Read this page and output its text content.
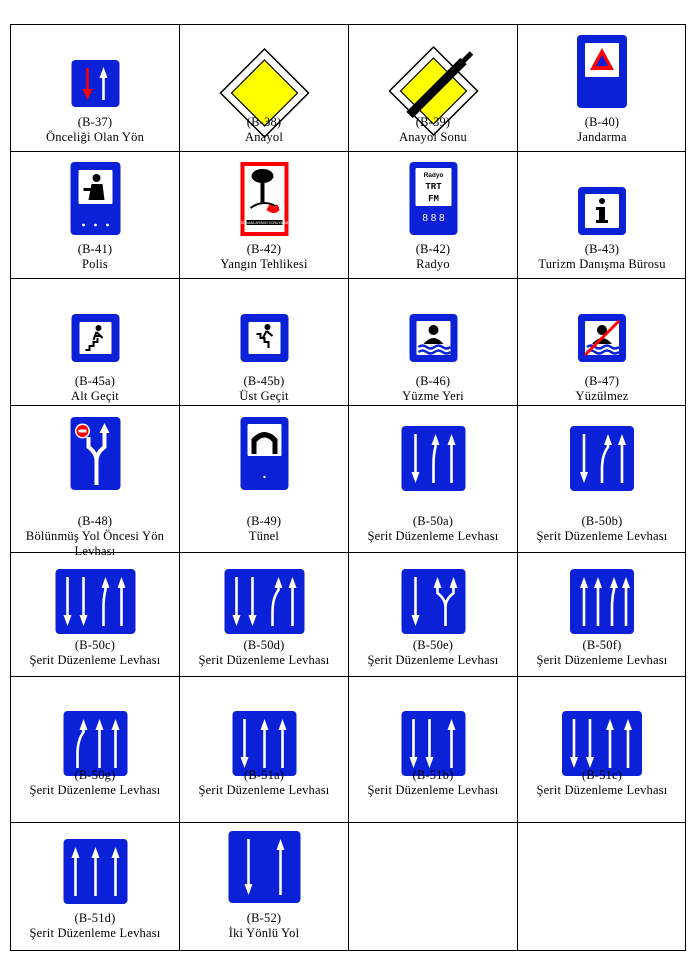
(B-37)
Önceliği Olan Yön
(B-38)
Anayol
(B-39)
Anayol Sonu
(B-40)
Jandarma
(B-41)
Polis
ORMANLARIMIZI KORUYALIM
(B-42)
Yangın Tehlikesi
Radyo
TRT
FM
8 8 8
(B-42)
Radyo
(B-43)
Turizm Danışma Bürosu
(B-45a)
Alt Geçit
(B-45b)
Üst Geçit
(B-46)
Yüzme Yeri
(B-47)
Yüzülmez
(B-48)
Bölünmüş Yol Öncesi Yön Levhası
(B-49)
Tünel
(B-50a)
Şerit Düzenleme Levhası
(B-50b)
Şerit Düzenleme Levhası
(B-50c)
Şerit Düzenleme Levhası
(B-50d)
Şerit Düzenleme Levhası
(B-50e)
Şerit Düzenleme Levhası
(B-50f)
Şerit Düzenleme Levhası
(B-50g)
Şerit Düzenleme Levhası
(B-51a)
Şerit Düzenleme Levhası
(B-51b)
Şerit Düzenleme Levhası
(B-51c)
Şerit Düzenleme Levhası
(B-51d)
Şerit Düzenleme Levhası
(B-52)
İki Yönlü Yol
